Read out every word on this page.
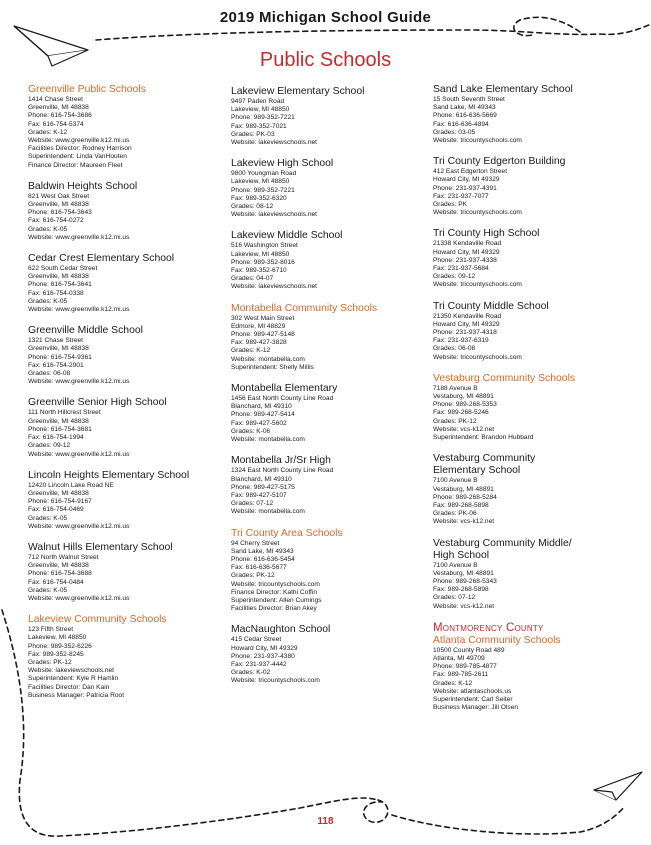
2019 Michigan School Guide
Public Schools
Greenville Public Schools
1414 Chase Street
Greenville, MI 48838
Phone: 616-754-3686
Fax: 616-754-5374
Grades: K-12
Website: www.greenville.k12.mi.us
Facilities Director: Rodney Harrison
Superintendent: Linda VanHouten
Finance Director: Maureen Fleet
Baldwin Heights School
821 West Oak Street
Greenville, MI 48838
Phone: 616-754-3643
Fax: 616-754-0272
Grades: K-05
Website: www.greenville.k12.mi.us
Cedar Crest Elementary School
622 South Cedar Street
Greenville, MI 48838
Phone: 616-754-3641
Fax: 616-754-0338
Grades: K-05
Website: www.greenville.k12.mi.us
Greenville Middle School
1321 Chase Street
Greenville, MI 48838
Phone: 616-754-9361
Fax: 616-754-2901
Grades: 06-08
Website: www.greenville.k12.mi.us
Greenville Senior High School
111 North Hillcrest Street
Greenville, MI 48838
Phone: 616-754-3681
Fax: 616-754-1994
Grades: 09-12
Website: www.greenville.k12.mi.us
Lincoln Heights Elementary School
12420 Lincoln Lake Road NE
Greenville, MI 48838
Phone: 616-754-9167
Fax: 616-754-0469
Grades: K-05
Website: www.greenville.k12.mi.us
Walnut Hills Elementary School
712 North Walnut Street
Greenville, MI 48838
Phone: 616-754-3688
Fax: 616-754-0484
Grades: K-05
Website: www.greenville.k12.mi.us
Lakeview Community Schools
123 Fifth Street
Lakeview, MI 48850
Phone: 989-352-6226
Fax: 989-352-8245
Grades: PK-12
Website: lakeviewschools.net
Superintendent: Kyle R Hamlin
Facilities Director: Dan Kain
Business Manager: Patricia Root
Lakeview Elementary School
9497 Paden Road
Lakeview, MI 48850
Phone: 989-352-7221
Fax: 989-352-7021
Grades: PK-03
Website: lakeviewschools.net
Lakeview High School
9800 Youngman Road
Lakeview, MI 48850
Phone: 989-352-7221
Fax: 989-352-6320
Grades: 08-12
Website: lakeviewschools.net
Lakeview Middle School
516 Washington Street
Lakeview, MI 48850
Phone: 989-352-8016
Fax: 989-352-6710
Grades: 04-07
Website: lakeviewschools.net
Montabella Community Schools
302 West Main Street
Edmore, MI 48829
Phone: 989-427-5148
Fax: 989-427-3828
Grades: K-12
Website: montabella.com
Superintendent: Shelly Millis
Montabella Elementary
1456 East North County Line Road
Blanchard, MI 49310
Phone: 989-427-5414
Fax: 989-427-5602
Grades: K-06
Website: montabella.com
Montabella Jr/Sr High
1324 East North County Line Road
Blanchard, MI 49310
Phone: 989-427-5175
Fax: 989-427-5107
Grades: 07-12
Website: montabella.com
Tri County Area Schools
94 Cherry Street
Sand Lake, MI 49343
Phone: 616-636-5454
Fax: 616-636-5677
Grades: PK-12
Website: tricountyschools.com
Finance Director: Kathi Coffin
Superintendent: Allen Cumings
Facilities Director: Brian Akey
MacNaughton School
415 Cedar Street
Howard City, MI 49329
Phone: 231-937-4380
Fax: 231-937-4442
Grades: K-02
Website: tricountyschools.com
Sand Lake Elementary School
15 South Seventh Street
Sand Lake, MI 49343
Phone: 616-636-5669
Fax: 616-636-4894
Grades: 03-05
Website: tricountyschools.com
Tri County Edgerton Building
412 East Edgerton Street
Howard City, MI 49329
Phone: 231-937-4391
Fax: 231-937-7077
Grades: PK
Website: tricountyschools.com
Tri County High School
21338 Kendaville Road
Howard City, MI 49329
Phone: 231-937-4338
Fax: 231-937-5684
Grades: 09-12
Website: tricountyschools.com
Tri County Middle School
21350 Kendaville Road
Howard City, MI 49329
Phone: 231-937-4318
Fax: 231-937-6319
Grades: 06-08
Website: tricountyschools.com
Vestaburg Community Schools
7188 Avenue B
Vestaburg, MI 48891
Phone: 989-268-5353
Fax: 989-268-5246
Grades: PK-12
Website: vcs-k12.net
Superintendent: Brandon Hubbard
Vestaburg Community
Elementary School
7100 Avenue B
Vestaburg, MI 48891
Phone: 989-268-5284
Fax: 989-268-5898
Grades: PK-06
Website: vcs-k12.net
Vestaburg Community Middle/
High School
7100 Avenue B
Vestaburg, MI 48891
Phone: 989-268-5343
Fax: 989-268-5898
Grades: 07-12
Website: vcs-k12.net
Montmorency County
Atlanta Community Schools
10500 County Road 489
Atlanta, MI 49709
Phone: 989-785-4877
Fax: 989-785-2611
Grades: K-12
Website: atlantaschools.us
Superintendent: Carl Seiter
Business Manager: Jill Olsen
118
